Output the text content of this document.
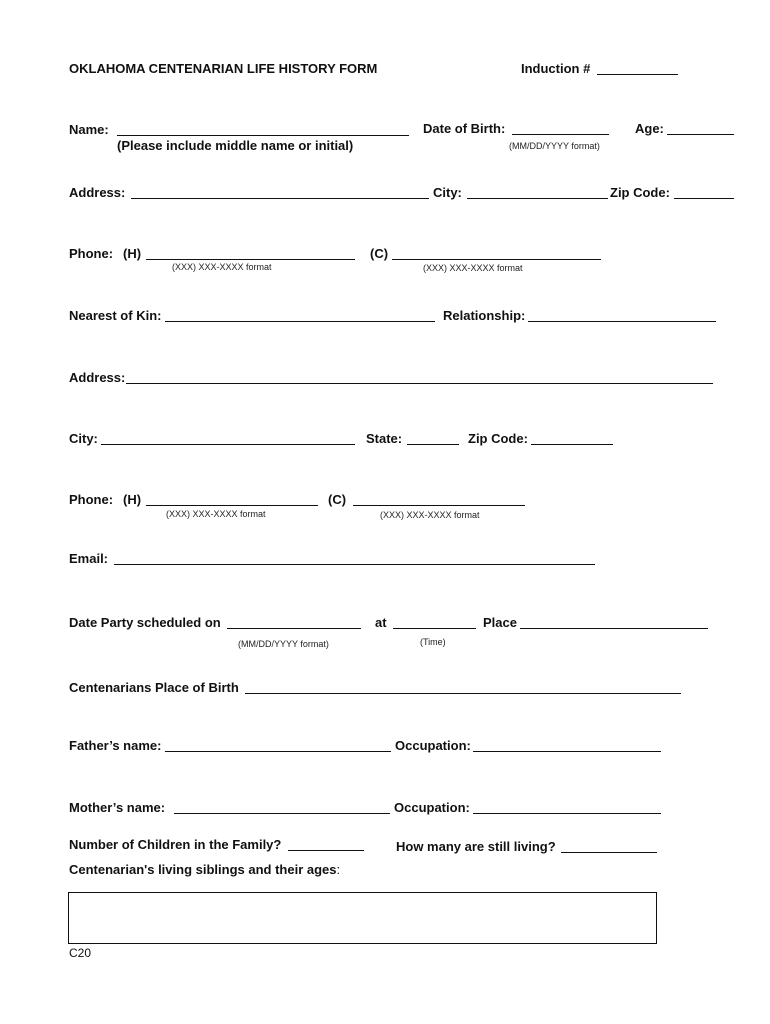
OKLAHOMA CENTENARIAN LIFE HISTORY FORM	Induction #
Name:
(Please include middle name or initial)
Date of Birth:
(MM/DD/YYYY format)
Age:
Address:	City:	Zip Code:
Phone: (H)
(XXX) XXX-XXXX format
(C)
(XXX) XXX-XXXX format
Nearest of Kin:	Relationship:
Address:
City:	State:	Zip Code:
Phone: (H)
(XXX) XXX-XXXX format
(C)
(XXX) XXX-XXXX format
Email:
Date Party scheduled on
(MM/DD/YYYY format)
at
(Time)
Place
Centenarians Place of Birth
Father’s name:	Occupation:
Mother’s name:	Occupation:
Number of Children in the Family?	How many are still living?
Centenarian's living siblings and their ages:
C20
